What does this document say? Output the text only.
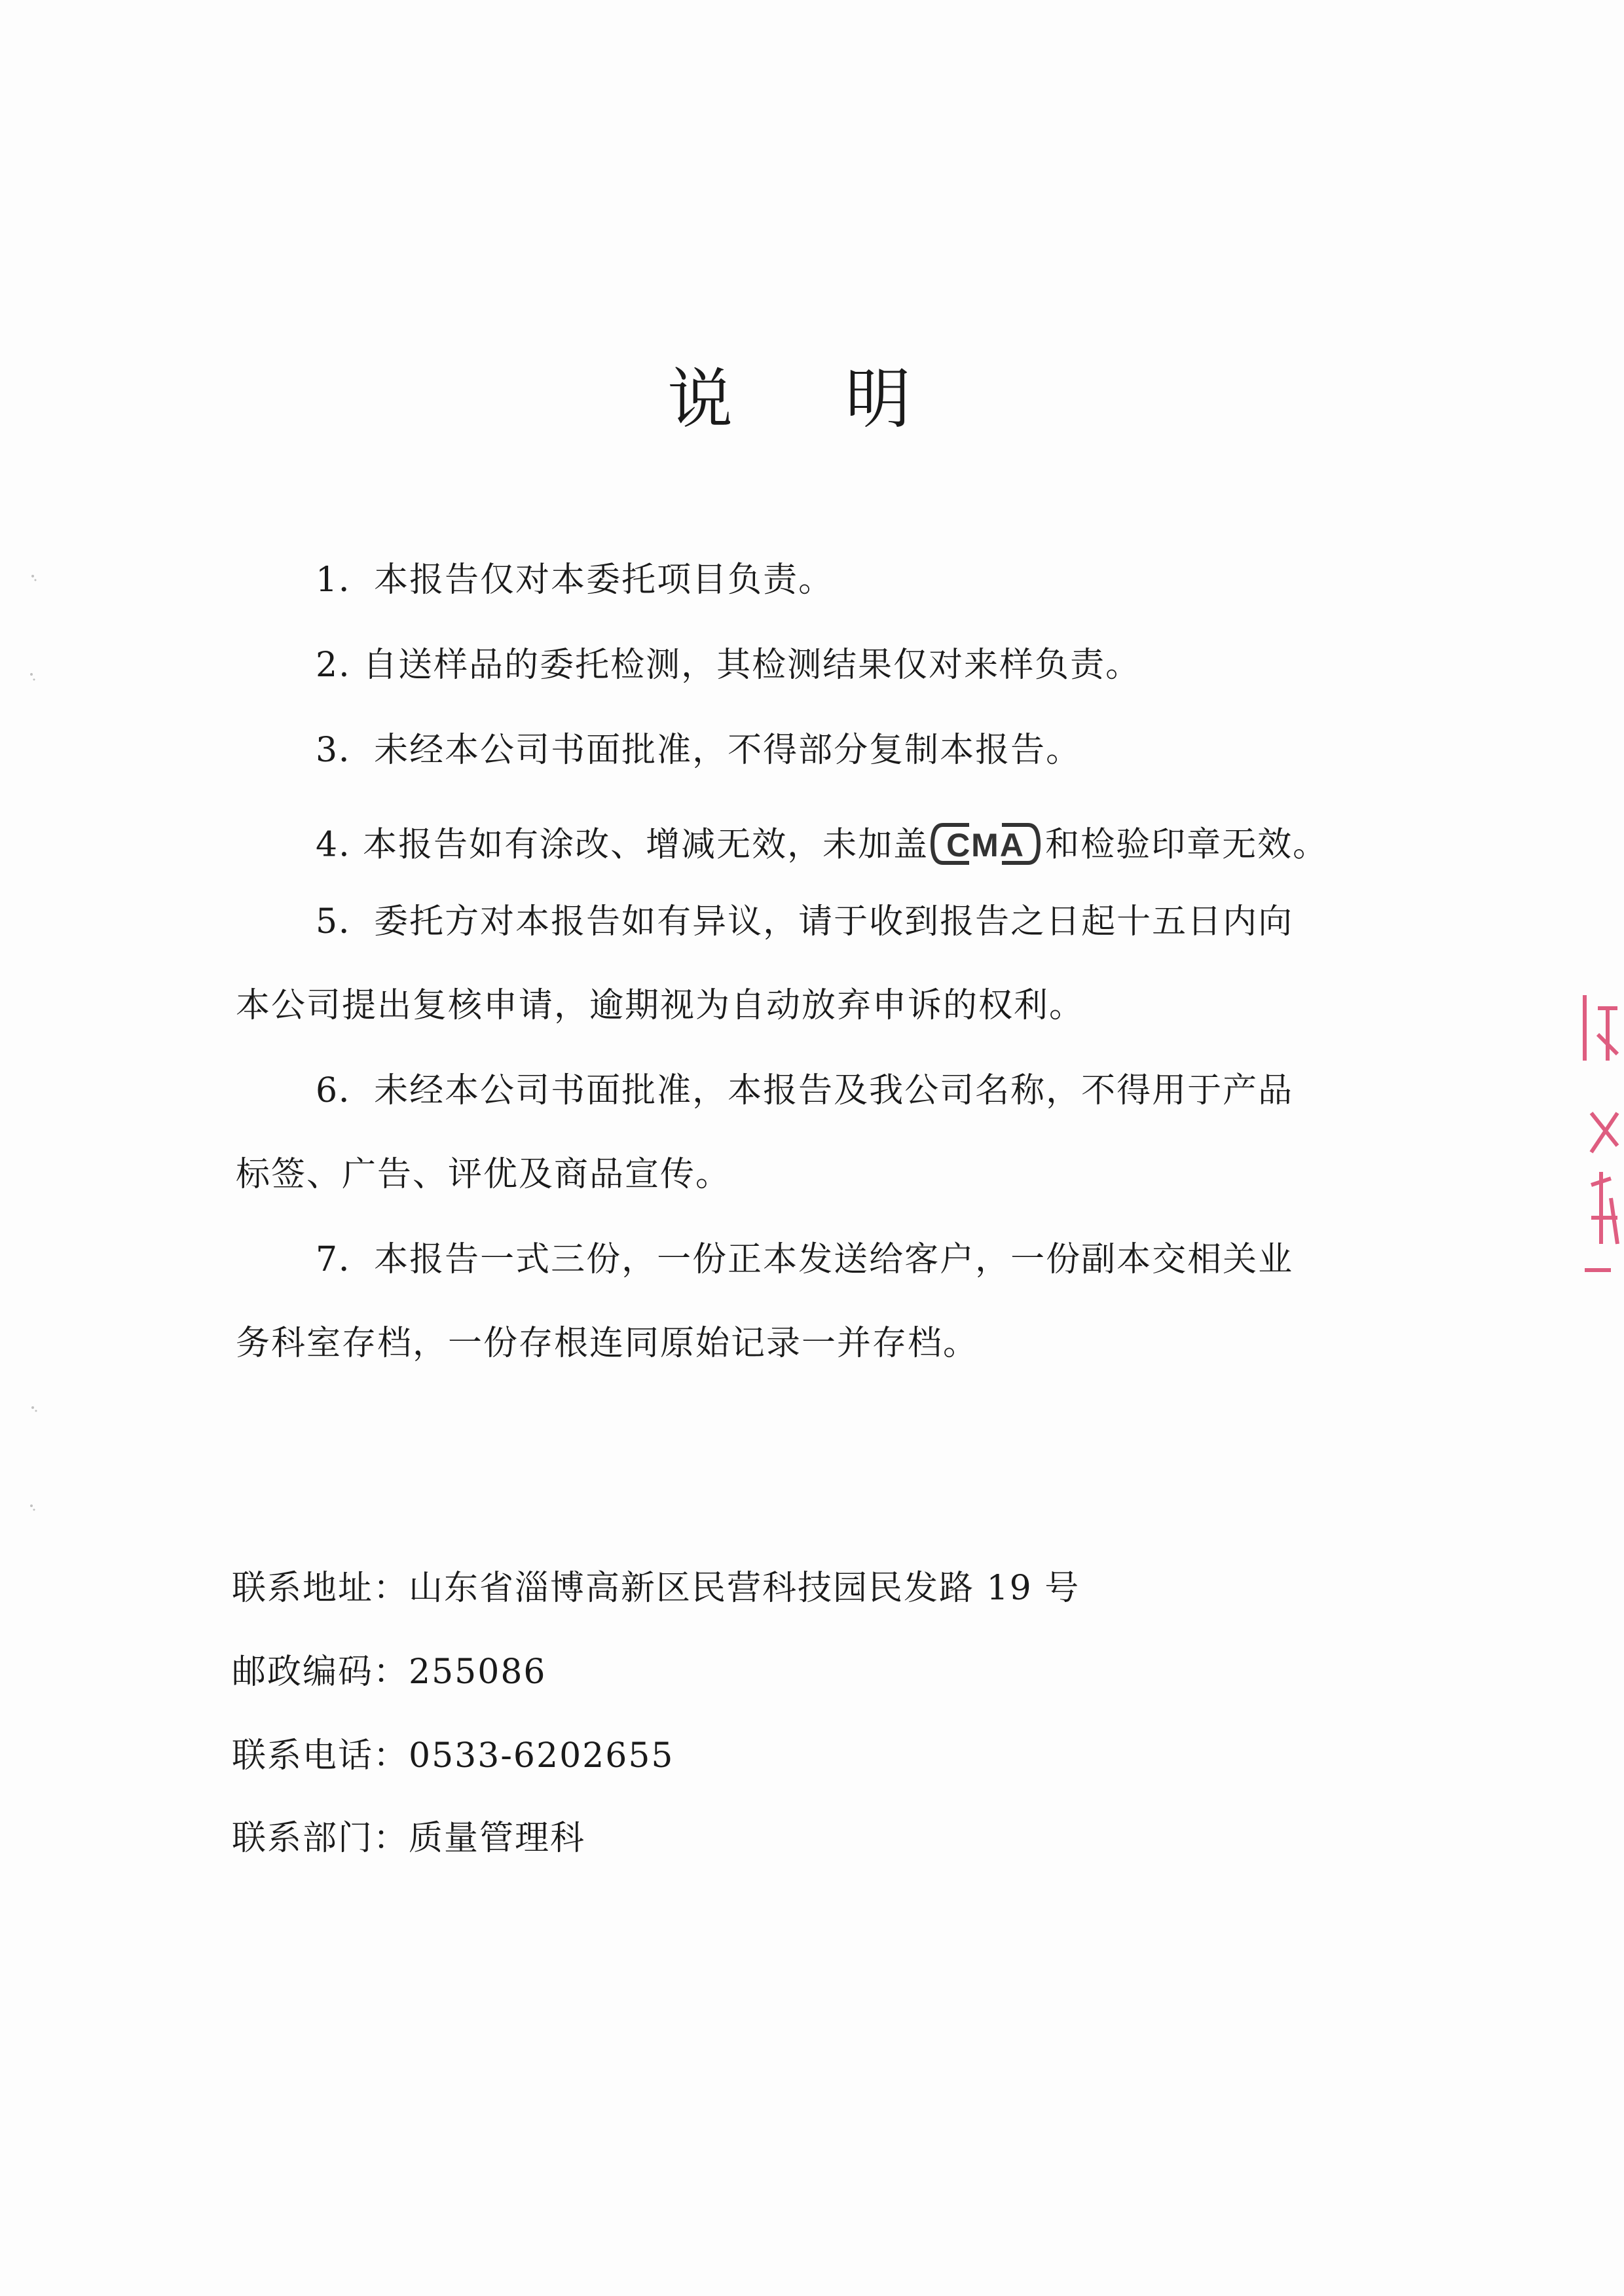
说 明
1．本报告仅对本委托项目负责。
2. 自送样品的委托检测，其检测结果仅对来样负责。
3．未经本公司书面批准，不得部分复制本报告。
4. 本报告如有涂改、增减无效，未加盖 CMA 和检验印章无效。
5．委托方对本报告如有异议，请于收到报告之日起十五日内向
本公司提出复核申请，逾期视为自动放弃申诉的权利。
6．未经本公司书面批准，本报告及我公司名称，不得用于产品
标签、广告、评优及商品宣传。
7．本报告一式三份，一份正本发送给客户，一份副本交相关业
务科室存档，一份存根连同原始记录一并存档。
联系地址：山东省淄博高新区民营科技园民发路 19 号
邮政编码：255086
联系电话：0533-6202655
联系部门：质量管理科
